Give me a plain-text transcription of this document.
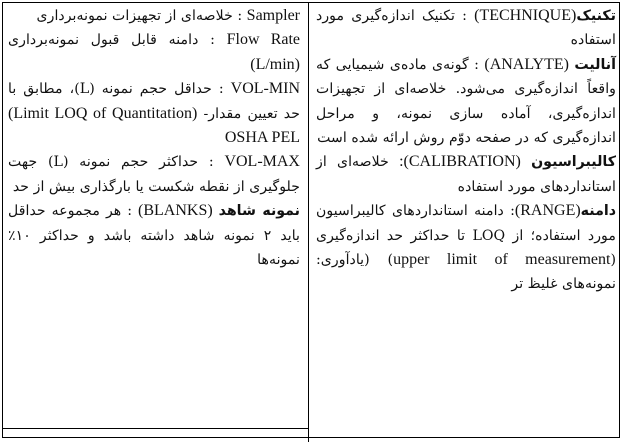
تکنیک(TECHNIQUE) : تکنیک اندازه‌گیری مورد استفاده

آنالیت (ANALYTE) : گونه‌ی ماده‌ی شیمیایی که واقعاً اندازه‌گیری می‌شود. خلاصه‌ای از تجهیزات اندازه‌گیری، آماده سازی نمونه، و مراحل اندازه‌گیری که در صفحه دوّم روش ارائه شده است

کالیبراسیون (CALIBRATION): خلاصه‌ای از استانداردهای مورد استفاده

دامنه(RANGE): دامنه استانداردهای کالیبراسیون مورد استفاده؛ از LOQ تا حداکثر حد اندازه‌گیری (upper limit of measurement) (یادآوری: نمونه‌های غلیظ تر

Sampler : خلاصه‌ای از تجهیزات نمونه‌برداری

Flow Rate : دامنه قابل قبول نمونه‌برداری (L/min)

VOL-MIN : حداقل حجم نمونه (L)، مطابق با حد تعیین مقدار- (Limit LOQ of Quantitation) OSHA PEL

VOL-MAX : حداکثر حجم نمونه (L) جهت جلوگیری از نقطه شکست یا بارگذاری بیش از حد

نمونه شاهد (BLANKS) : هر مجموعه حداقل باید ۲ نمونه شاهد داشته باشد و حداکثر ۱۰٪ نمونه‌ها
